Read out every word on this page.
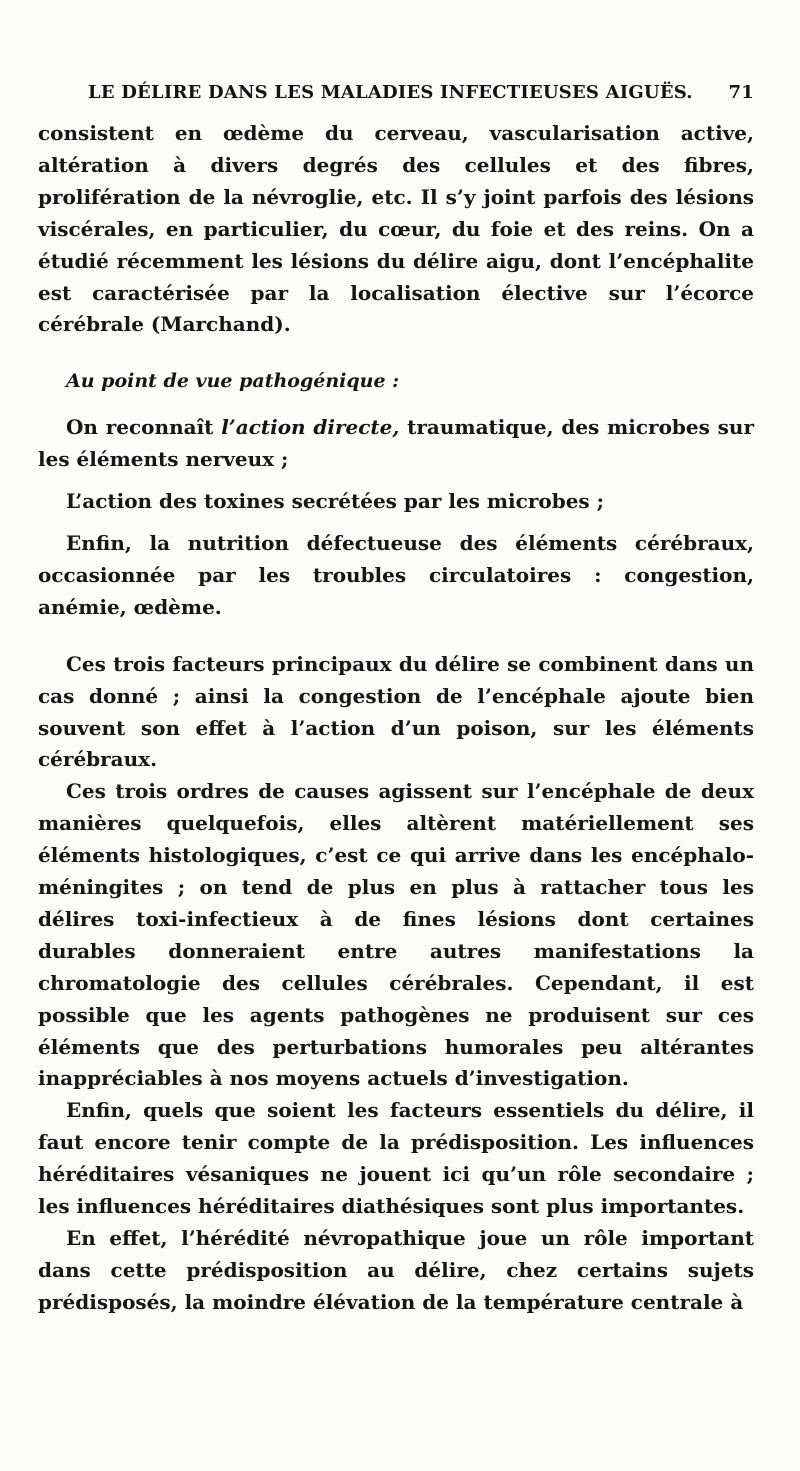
LE DÉLIRE DANS LES MALADIES INFECTIEUSES AIGUËS. 71

consistent en œdème du cerveau, vascularisation active, altération à divers degrés des cellules et des fibres, prolifération de la névroglie, etc. Il s’y joint parfois des lésions viscérales, en particulier, du cœur, du foie et des reins. On a étudié récemment les lésions du délire aigu, dont l’encéphalite est caractérisée par la localisation élective sur l’écorce cérébrale (Marchand).

Au point de vue pathogénique :

On reconnaît l’action directe, traumatique, des microbes sur les éléments nerveux ;

L’action des toxines secrétées par les microbes ;

Enfin, la nutrition défectueuse des éléments cérébraux, occasionnée par les troubles circulatoires : congestion, anémie, œdème.

Ces trois facteurs principaux du délire se combinent dans un cas donné ; ainsi la congestion de l’encéphale ajoute bien souvent son effet à l’action d’un poison, sur les éléments cérébraux.

Ces trois ordres de causes agissent sur l’encéphale de deux manières quelquefois, elles altèrent matériellement ses éléments histologiques, c’est ce qui arrive dans les encéphalo-méningites ; on tend de plus en plus à rattacher tous les délires toxi-infectieux à de fines lésions dont certaines durables donneraient entre autres manifestations la chromatologie des cellules cérébrales. Cependant, il est possible que les agents pathogènes ne produisent sur ces éléments que des perturbations humorales peu altérantes inappréciables à nos moyens actuels d’investigation.

Enfin, quels que soient les facteurs essentiels du délire, il faut encore tenir compte de la prédisposition. Les influences héréditaires vésaniques ne jouent ici qu’un rôle secondaire ; les influences héréditaires diathésiques sont plus importantes.

En effet, l’hérédité névropathique joue un rôle important dans cette prédisposition au délire, chez certains sujets prédisposés, la moindre élévation de la température centrale à
